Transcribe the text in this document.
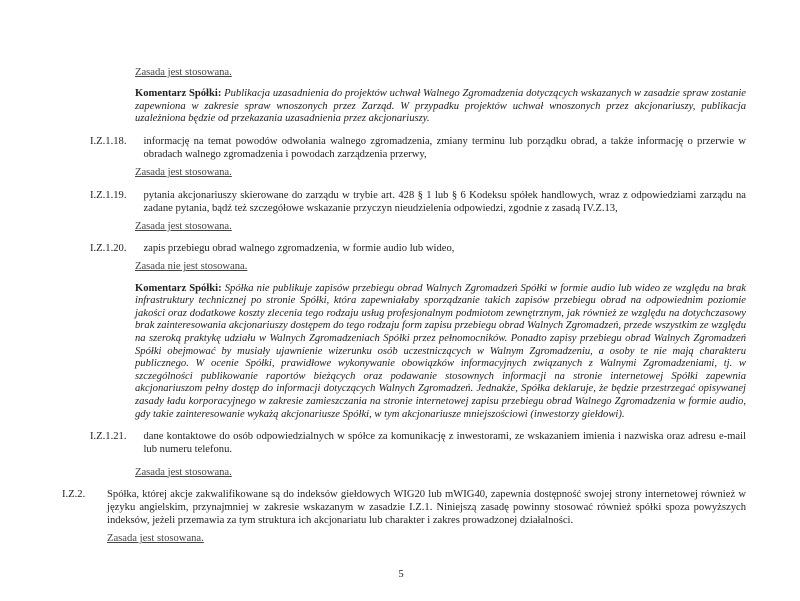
Zasada jest stosowana.
Komentarz Spółki: Publikacja uzasadnienia do projektów uchwał Walnego Zgromadzenia dotyczących wskazanych w zasadzie spraw zostanie zapewniona w zakresie spraw wnoszonych przez Zarząd. W przypadku projektów uchwał wnoszonych przez akcjonariuszy, publikacja uzależniona będzie od przekazania uzasadnienia przez akcjonariuszy.
I.Z.1.18. informację na temat powodów odwołania walnego zgromadzenia, zmiany terminu lub porządku obrad, a także informację o przerwie w obradach walnego zgromadzenia i powodach zarządzenia przerwy,
Zasada jest stosowana.
I.Z.1.19. pytania akcjonariuszy skierowane do zarządu w trybie art. 428 § 1 lub § 6 Kodeksu spółek handlowych, wraz z odpowiedziami zarządu na zadane pytania, bądź też szczegółowe wskazanie przyczyn nieudzielenia odpowiedzi, zgodnie z zasadą IV.Z.13,
Zasada jest stosowana.
I.Z.1.20. zapis przebiegu obrad walnego zgromadzenia, w formie audio lub wideo,
Zasada nie jest stosowana.
Komentarz Spółki: Spółka nie publikuje zapisów przebiegu obrad Walnych Zgromadzeń Spółki w formie audio lub wideo ze względu na brak infrastruktury technicznej po stronie Spółki, która zapewniałaby sporządzanie takich zapisów przebiegu obrad na odpowiednim poziomie jakości oraz dodatkowe koszty zlecenia tego rodzaju usług profesjonalnym podmiotom zewnętrznym, jak również ze względu na dotychczasowy brak zainteresowania akcjonariuszy dostępem do tego rodzaju form zapisu przebiegu obrad Walnych Zgromadzeń, przede wszystkim ze względu na szeroką praktykę udziału w Walnych Zgromadzeniach Spółki przez pełnomocników. Ponadto zapisy przebiegu obrad Walnych Zgromadzeń Spółki obejmować by musiały ujawnienie wizerunku osób uczestniczących w Walnym Zgromadzeniu, a osoby te nie mają charakteru publicznego. W ocenie Spółki, prawidłowe wykonywanie obowiązków informacyjnych związanych z Walnymi Zgromadzeniami, tj. w szczególności publikowanie raportów bieżących oraz podawanie stosownych informacji na stronie internetowej Spółki zapewnia akcjonariuszom pełny dostęp do informacji dotyczących Walnych Zgromadzeń. Jednakże, Spółka deklaruje, że będzie przestrzegać opisywanej zasady ładu korporacyjnego w zakresie zamieszczania na stronie internetowej zapisu przebiegu obrad Walnego Zgromadzenia w formie audio, gdy takie zainteresowanie wykażą akcjonariusze Spółki, w tym akcjonariusze mniejszościowi (inwestorzy giełdowi).
I.Z.1.21. dane kontaktowe do osób odpowiedzialnych w spółce za komunikację z inwestorami, ze wskazaniem imienia i nazwiska oraz adresu e-mail lub numeru telefonu.
Zasada jest stosowana.
I.Z.2.	Spółka, której akcje zakwalifikowane są do indeksów giełdowych WIG20 lub mWIG40, zapewnia dostępność swojej strony internetowej również w języku angielskim, przynajmniej w zakresie wskazanym w zasadzie I.Z.1. Niniejszą zasadę powinny stosować również spółki spoza powyższych indeksów, jeżeli przemawia za tym struktura ich akcjonariatu lub charakter i zakres prowadzonej działalności.
Zasada jest stosowana.
5
